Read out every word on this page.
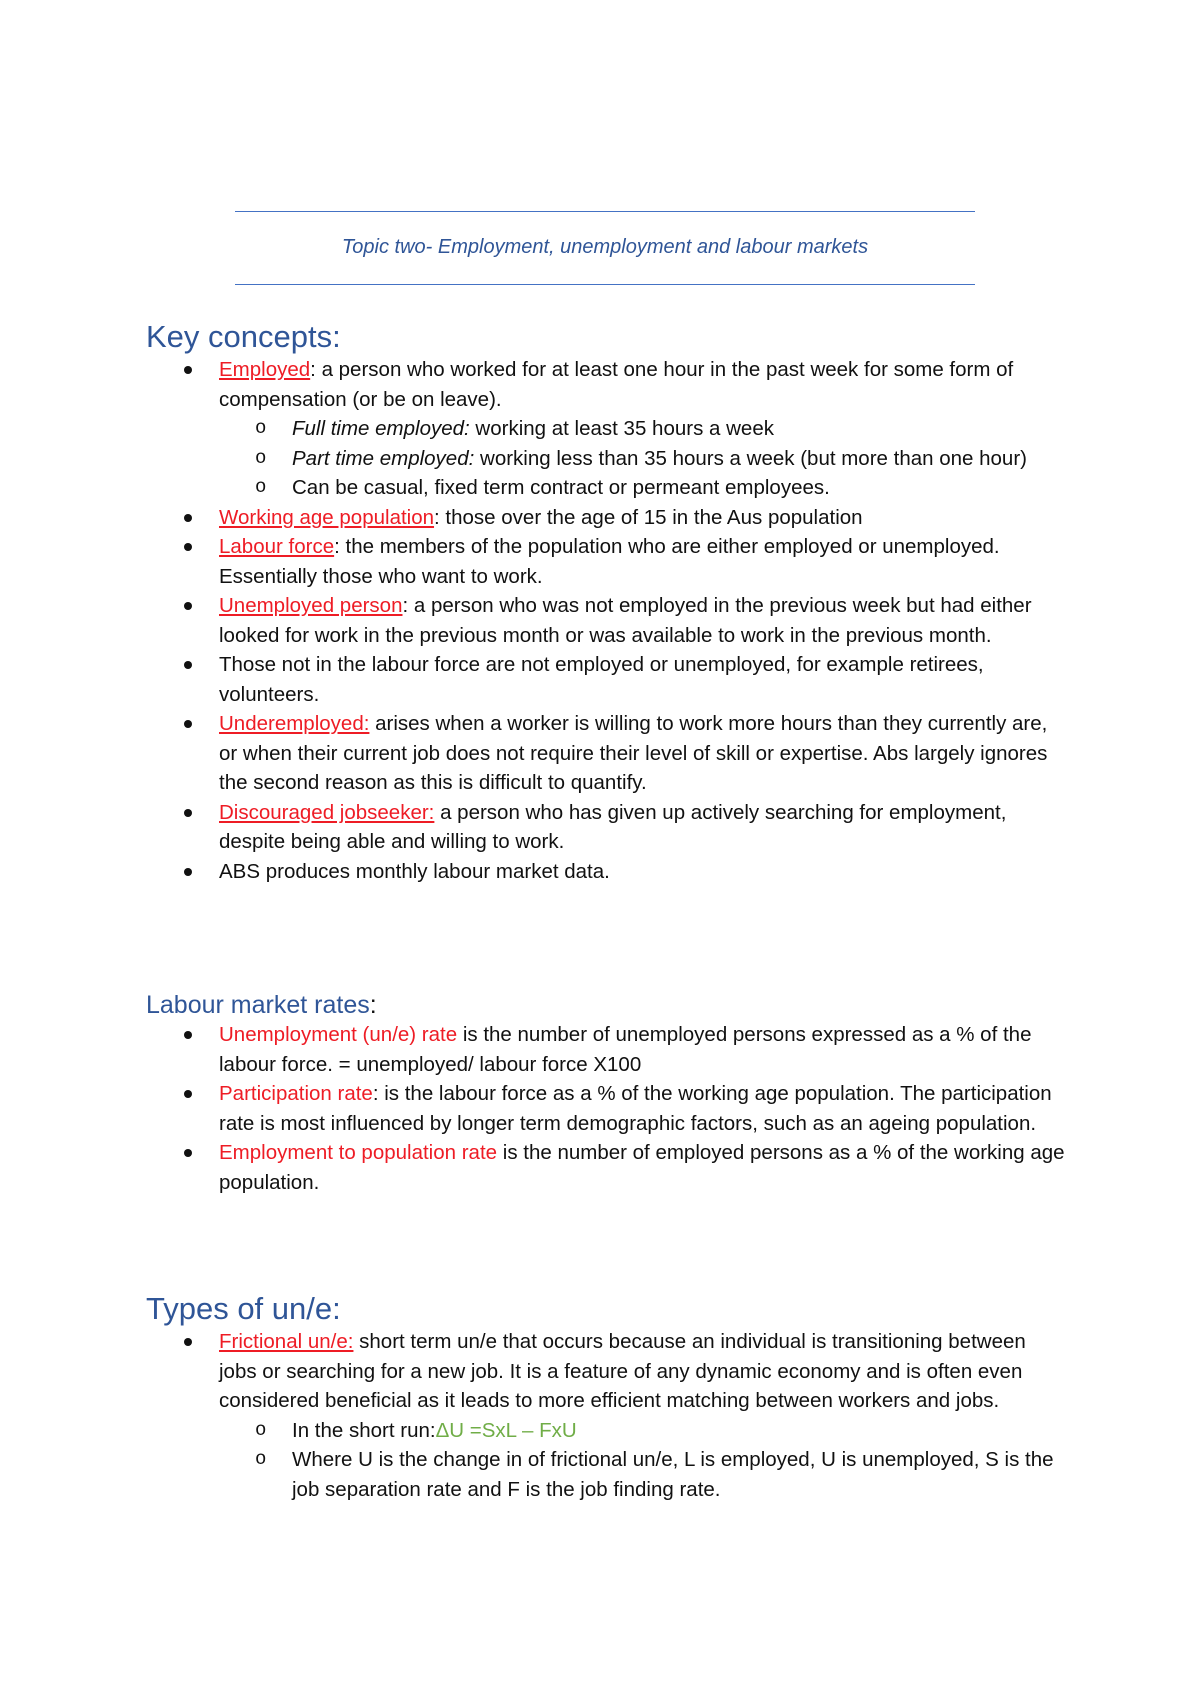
Topic two- Employment, unemployment and labour markets
Key concepts:
Employed: a person who worked for at least one hour in the past week for some form of compensation (or be on leave).
o Full time employed: working at least 35 hours a week
o Part time employed: working less than 35 hours a week (but more than one hour)
o Can be casual, fixed term contract or permeant employees.
Working age population: those over the age of 15 in the Aus population
Labour force: the members of the population who are either employed or unemployed. Essentially those who want to work.
Unemployed person: a person who was not employed in the previous week but had either looked for work in the previous month or was available to work in the previous month.
Those not in the labour force are not employed or unemployed, for example retirees, volunteers.
Underemployed: arises when a worker is willing to work more hours than they currently are, or when their current job does not require their level of skill or expertise. Abs largely ignores the second reason as this is difficult to quantify.
Discouraged jobseeker: a person who has given up actively searching for employment, despite being able and willing to work.
ABS produces monthly labour market data.
Labour market rates:
Unemployment (un/e) rate is the number of unemployed persons expressed as a % of the labour force. = unemployed/ labour force X100
Participation rate: is the labour force as a % of the working age population. The participation rate is most influenced by longer term demographic factors, such as an ageing population.
Employment to population rate is the number of employed persons as a % of the working age population.
Types of un/e:
Frictional un/e: short term un/e that occurs because an individual is transitioning between jobs or searching for a new job. It is a feature of any dynamic economy and is often even considered beneficial as it leads to more efficient matching between workers and jobs.
o In the short run:ΔU =SxL – FxU
o Where U is the change in of frictional un/e, L is employed, U is unemployed, S is the job separation rate and F is the job finding rate.
